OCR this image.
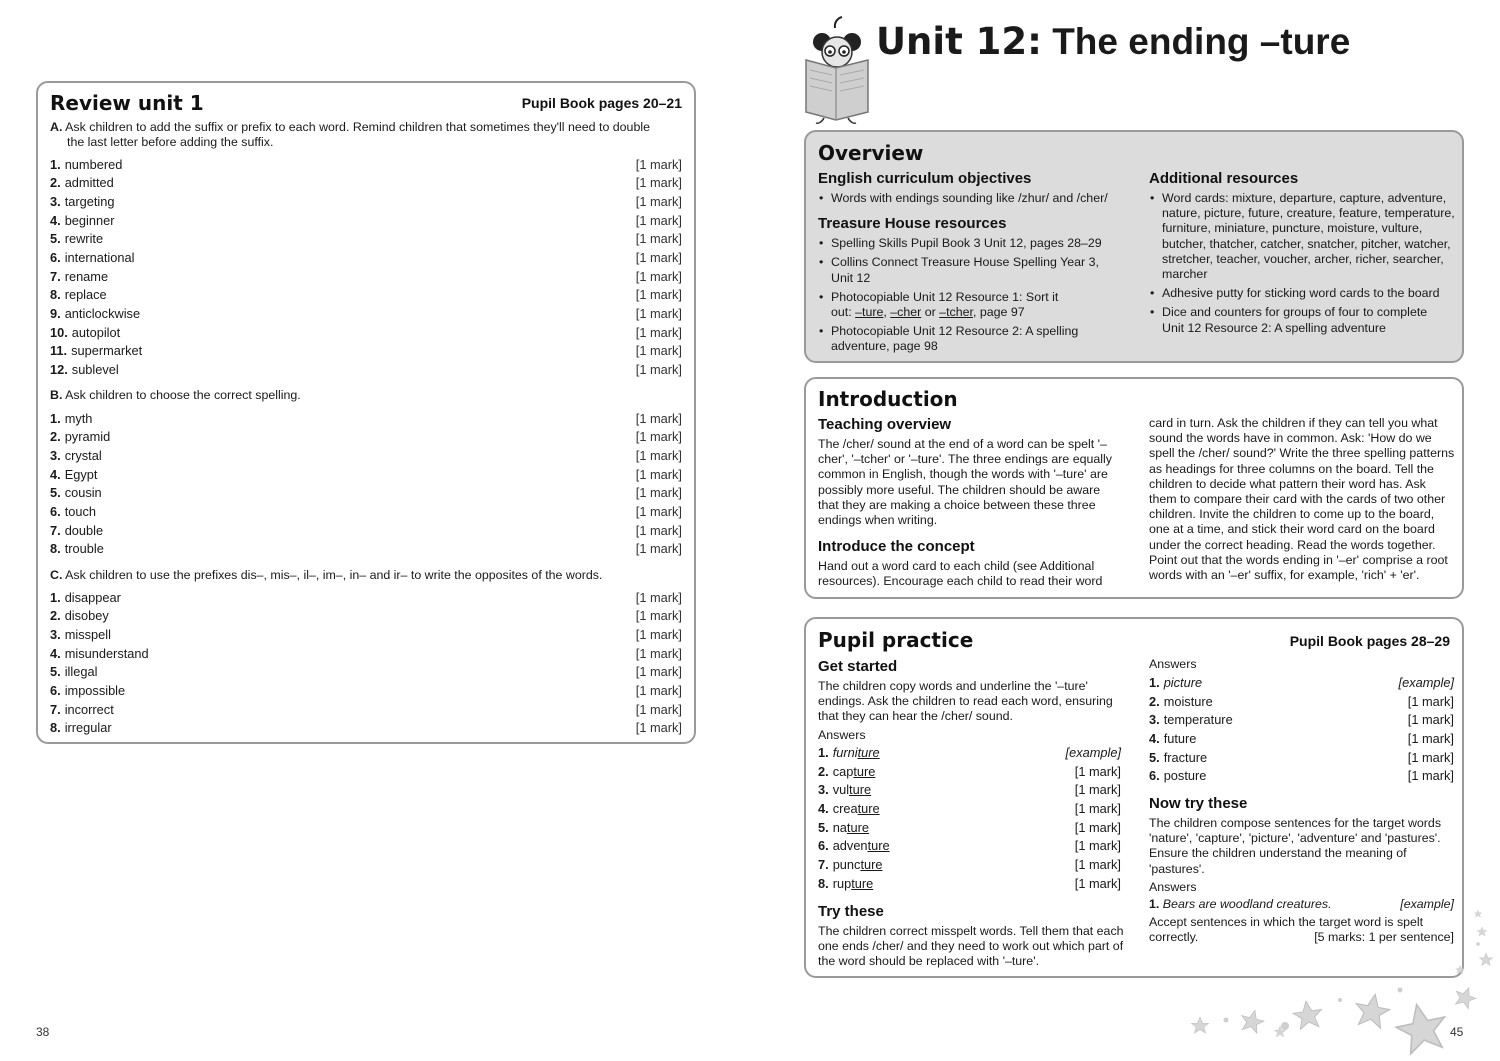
Review unit 1	Pupil Book pages 20–21
A. Ask children to add the suffix or prefix to each word. Remind children that sometimes they'll need to double
the last letter before adding the suffix.
1. numbered	[1 mark]
2. admitted	[1 mark]
3. targeting	[1 mark]
4. beginner	[1 mark]
5. rewrite	[1 mark]
6. international	[1 mark]
7. rename	[1 mark]
8. replace	[1 mark]
9. anticlockwise	[1 mark]
10. autopilot	[1 mark]
11. supermarket	[1 mark]
12. sublevel	[1 mark]
B. Ask children to choose the correct spelling.
1. myth	[1 mark]
2. pyramid	[1 mark]
3. crystal	[1 mark]
4. Egypt	[1 mark]
5. cousin	[1 mark]
6. touch	[1 mark]
7. double	[1 mark]
8. trouble	[1 mark]
C. Ask children to use the prefixes dis–, mis–, il–, im–, in– and ir– to write the opposites of the words.
1. disappear	[1 mark]
2. disobey	[1 mark]
3. misspell	[1 mark]
4. misunderstand	[1 mark]
5. illegal	[1 mark]
6. impossible	[1 mark]
7. incorrect	[1 mark]
8. irregular	[1 mark]
38
Unit 12: The ending –ture
Overview
English curriculum objectives
• Words with endings sounding like /zhur/ and /cher/
Treasure House resources
• Spelling Skills Pupil Book 3 Unit 12, pages 28–29
• Collins Connect Treasure House Spelling Year 3, Unit 12
• Photocopiable Unit 12 Resource 1: Sort it
out: –ture, –cher or –tcher, page 97
• Photocopiable Unit 12 Resource 2: A spelling adventure, page 98
Additional resources
• Word cards: mixture, departure, capture, adventure, nature, picture, future, creature, feature, temperature, furniture, miniature, puncture, moisture, vulture, butcher, thatcher, catcher, snatcher, pitcher, watcher, stretcher, teacher, voucher, archer, richer, searcher, marcher
• Adhesive putty for sticking word cards to the board
• Dice and counters for groups of four to complete Unit 12 Resource 2: A spelling adventure
Introduction
Teaching overview
The /cher/ sound at the end of a word can be spelt '–cher', '–tcher' or '–ture'. The three endings are equally common in English, though the words with '–ture' are possibly more useful. The children should be aware that they are making a choice between these three endings when writing.
Introduce the concept
Hand out a word card to each child (see Additional resources). Encourage each child to read their word
card in turn. Ask the children if they can tell you what sound the words have in common. Ask: 'How do we spell the /cher/ sound?' Write the three spelling patterns as headings for three columns on the board. Tell the children to decide what pattern their word has. Ask them to compare their card with the cards of two other children. Invite the children to come up to the board, one at a time, and stick their word card on the board under the correct heading. Read the words together. Point out that the words ending in '–er' comprise a root words with an '–er' suffix, for example, 'rich' + 'er'.
Pupil practice	Pupil Book pages 28–29
Get started
The children copy words and underline the '–ture' endings. Ask the children to read each word, ensuring that they can hear the /cher/ sound.
Answers
1. furniture	[example]
2. capture	[1 mark]
3. vulture	[1 mark]
4. creature	[1 mark]
5. nature	[1 mark]
6. adventure	[1 mark]
7. puncture	[1 mark]
8. rupture	[1 mark]
Try these
The children correct misspelt words. Tell them that each one ends /cher/ and they need to work out which part of the word should be replaced with '–ture'.
Answers
1. picture	[example]
2. moisture	[1 mark]
3. temperature	[1 mark]
4. future	[1 mark]
5. fracture	[1 mark]
6. posture	[1 mark]
Now try these
The children compose sentences for the target words 'nature', 'capture', 'picture', 'adventure' and 'pastures'. Ensure the children understand the meaning of 'pastures'.
Answers
1. Bears are woodland creatures.	[example]
Accept sentences in which the target word is spelt
correctly.	[5 marks: 1 per sentence]
45
